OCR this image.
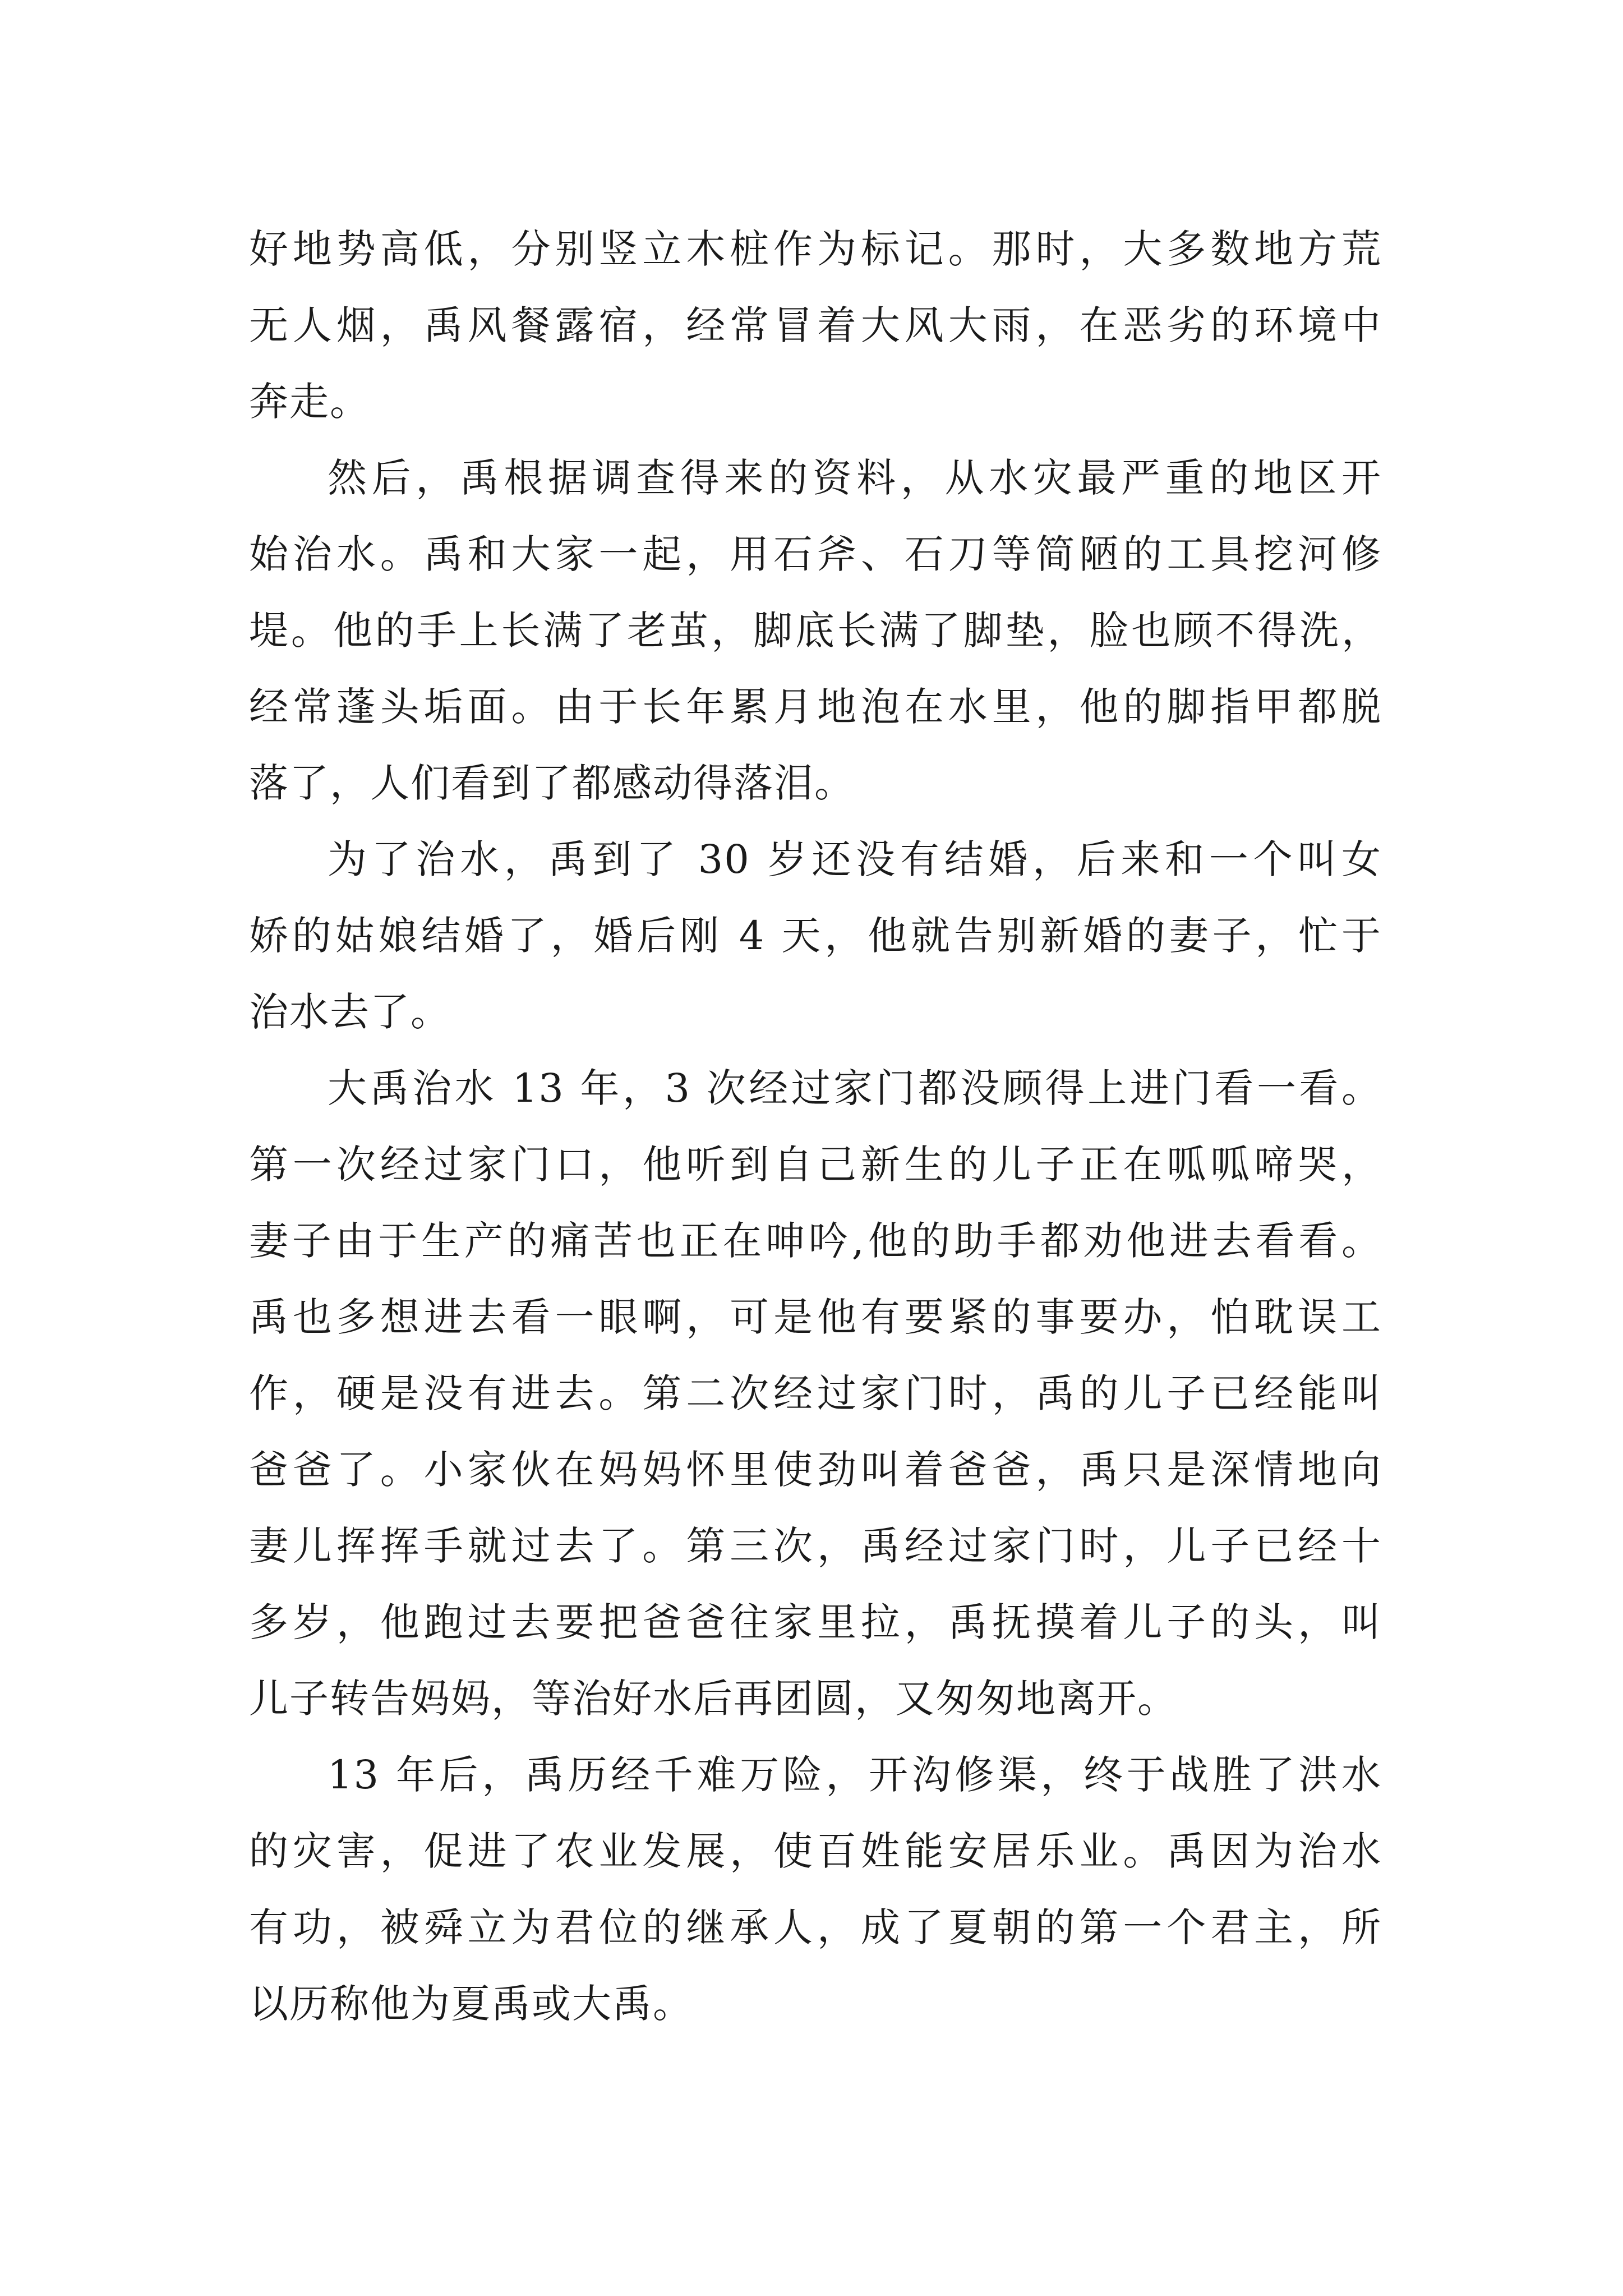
好地势高低，分别竖立木桩作为标记。那时，大多数地方荒
无人烟，禹风餐露宿，经常冒着大风大雨，在恶劣的环境中
奔走。
然后，禹根据调查得来的资料，从水灾最严重的地区开
始治水。禹和大家一起，用石斧、石刀等简陋的工具挖河修
堤。他的手上长满了老茧，脚底长满了脚垫，脸也顾不得洗，
经常蓬头垢面。由于长年累月地泡在水里，他的脚指甲都脱
落了，人们看到了都感动得落泪。
为了治水，禹到了 30 岁还没有结婚，后来和一个叫女
娇的姑娘结婚了，婚后刚 4 天，他就告别新婚的妻子，忙于
治水去了。
大禹治水 13 年，3 次经过家门都没顾得上进门看一看。
第一次经过家门口，他听到自己新生的儿子正在呱呱啼哭，
妻子由于生产的痛苦也正在呻吟,他的助手都劝他进去看看。
禹也多想进去看一眼啊，可是他有要紧的事要办，怕耽误工
作，硬是没有进去。第二次经过家门时，禹的儿子已经能叫
爸爸了。小家伙在妈妈怀里使劲叫着爸爸，禹只是深情地向
妻儿挥挥手就过去了。第三次，禹经过家门时，儿子已经十
多岁，他跑过去要把爸爸往家里拉，禹抚摸着儿子的头，叫
儿子转告妈妈，等治好水后再团圆，又匆匆地离开。
13 年后，禹历经千难万险，开沟修渠，终于战胜了洪水
的灾害，促进了农业发展，使百姓能安居乐业。禹因为治水
有功，被舜立为君位的继承人，成了夏朝的第一个君主，所
以历称他为夏禹或大禹。
